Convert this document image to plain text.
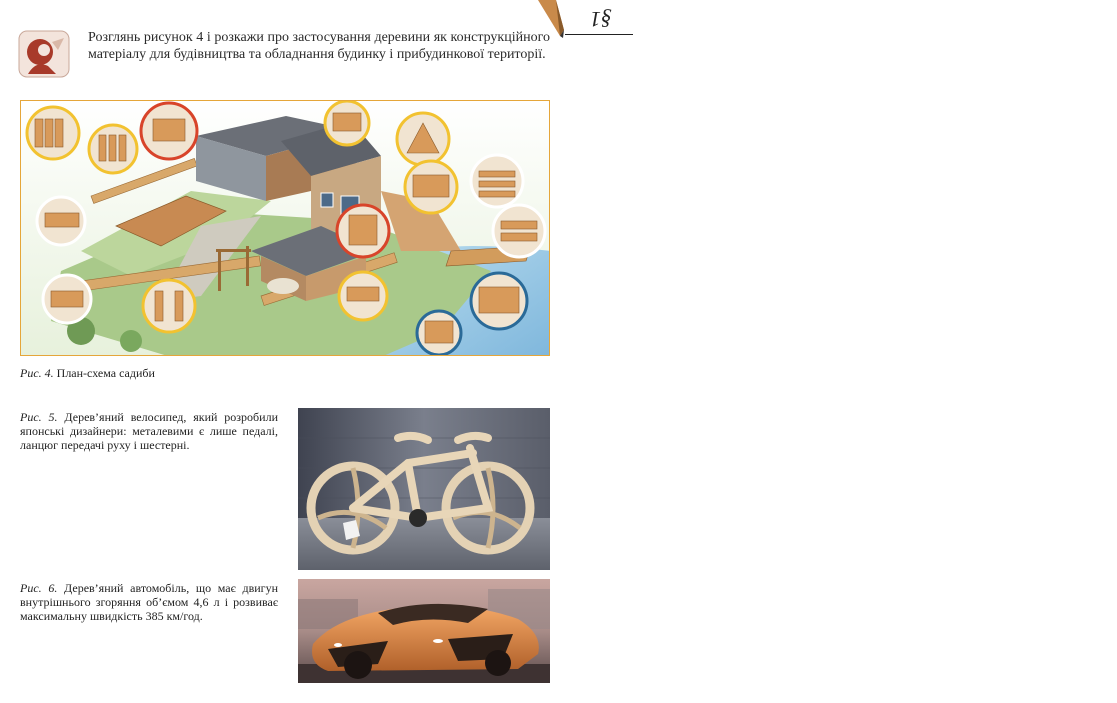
§1
Розглянь рисунок 4 і розкажи про застосування деревини як конструкційного матеріалу для будівництва та обладнання будинку і прибудинкової території.
Рис. 4. План-схема садиби
Рис. 5. Дерев’яний велосипед, який розробили японські дизайнери: металевими є лише педалі, ланцюг передачі руху і шестерні.
Рис. 6. Дерев’яний автомобіль, що має двигун внутрішнього згоряння об’ємом 4,6 л і розвиває максимальну швидкість 385 км/год.
